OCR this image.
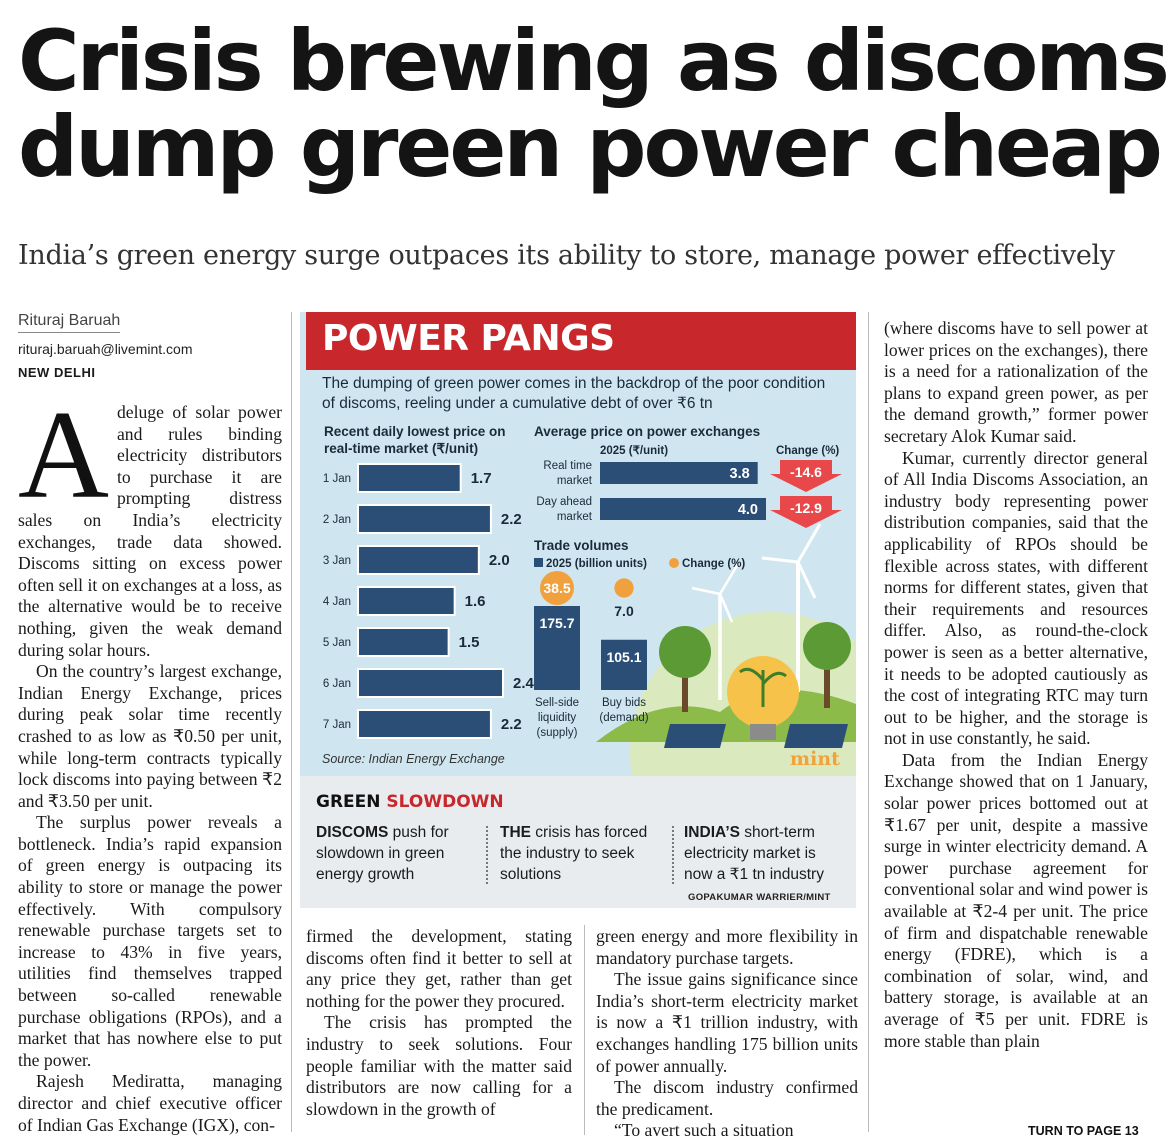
Crisis brewing as discoms
dump green power cheap
India’s green energy surge outpaces its ability to store, manage power effectively
Rituraj Baruah
rituraj.baruah@livemint.com
NEW DELHI
A deluge of solar power and rules binding electricity distributors to purchase it are prompting distress sales on India’s electricity exchanges, trade data showed. Discoms sitting on excess power often sell it on exchanges at a loss, as the alternative would be to receive nothing, given the weak demand during solar hours.

On the country’s largest exchange, Indian Energy Exchange, prices during peak solar time recently crashed to as low as ₹0.50 per unit, while long-term contracts typically lock discoms into paying between ₹2 and ₹3.50 per unit.

The surplus power reveals a bottleneck. India’s rapid expansion of green energy is outpacing its ability to store or manage the power effectively. With compulsory renewable purchase targets set to increase to 43% in five years, utilities find themselves trapped between so-called renewable purchase obligations (RPOs), and a market that has nowhere else to put the power.

Rajesh Mediratta, managing director and chief executive officer of Indian Gas Exchange (IGX), con-

firmed the development, stating discoms often find it better to sell at any price they get, rather than get nothing for the power they procured.

The crisis has prompted the industry to seek solutions. Four people familiar with the matter said distributors are now calling for a slowdown in the growth of

green energy and more flexibility in mandatory purchase targets.

The issue gains significance since India’s short-term electricity market is now a ₹1 trillion industry, with exchanges handling 175 billion units of power annually.

The discom industry confirmed the predicament.

“To avert such a situation

(where discoms have to sell power at lower prices on the exchanges), there is a need for a rationalization of the plans to expand green power, as per the demand growth,” former power secretary Alok Kumar said.

Kumar, currently director general of All India Discoms Association, an industry body representing power distribution companies, said that the applicability of RPOs should be flexible across states, with different norms for different states, given that their requirements and resources differ. Also, as round-the-clock power is seen as a better alternative, it needs to be adopted cautiously as the cost of integrating RTC may turn out to be higher, and the storage is not in use constantly, he said.

Data from the Indian Energy Exchange showed that on 1 January, solar power prices bottomed out at ₹1.67 per unit, despite a massive surge in winter electricity demand. A power purchase agreement for conventional solar and wind power is available at ₹2-4 per unit. The price of firm and dispatchable renewable energy (FDRE), which is a combination of solar, wind, and battery storage, is available at an average of ₹5 per unit. FDRE is more stable than plain

TURN TO PAGE 13
POWER PANGS
The dumping of green power comes in the backdrop of the poor condition of discoms, reeling under a cumulative debt of over ₹6 tn
Recent daily lowest price on real-time market (₹/unit)
1 Jan	1.7
2 Jan	2.2
3 Jan	2.0
4 Jan	1.6
5 Jan	1.5
6 Jan	2.4
7 Jan	2.2
Average price on power exchanges
2025 (₹/unit)	Change (%)
Real time market	3.8	-14.6
Day ahead market	4.0 -12.9
Trade volumes
2025 (billion units)	Change (%)
175.7
38.5
Sell-side liquidity (supply)
105.1
7.0
Buy bids (demand)
Source: Indian Energy Exchange	mint
GREEN SLOWDOWN
DISCOMS push for slowdown in green energy growth
THE crisis has forced the industry to seek solutions
INDIA’S short-term electricity market is now a ₹1 tn industry
GOPAKUMAR WARRIER/MINT
